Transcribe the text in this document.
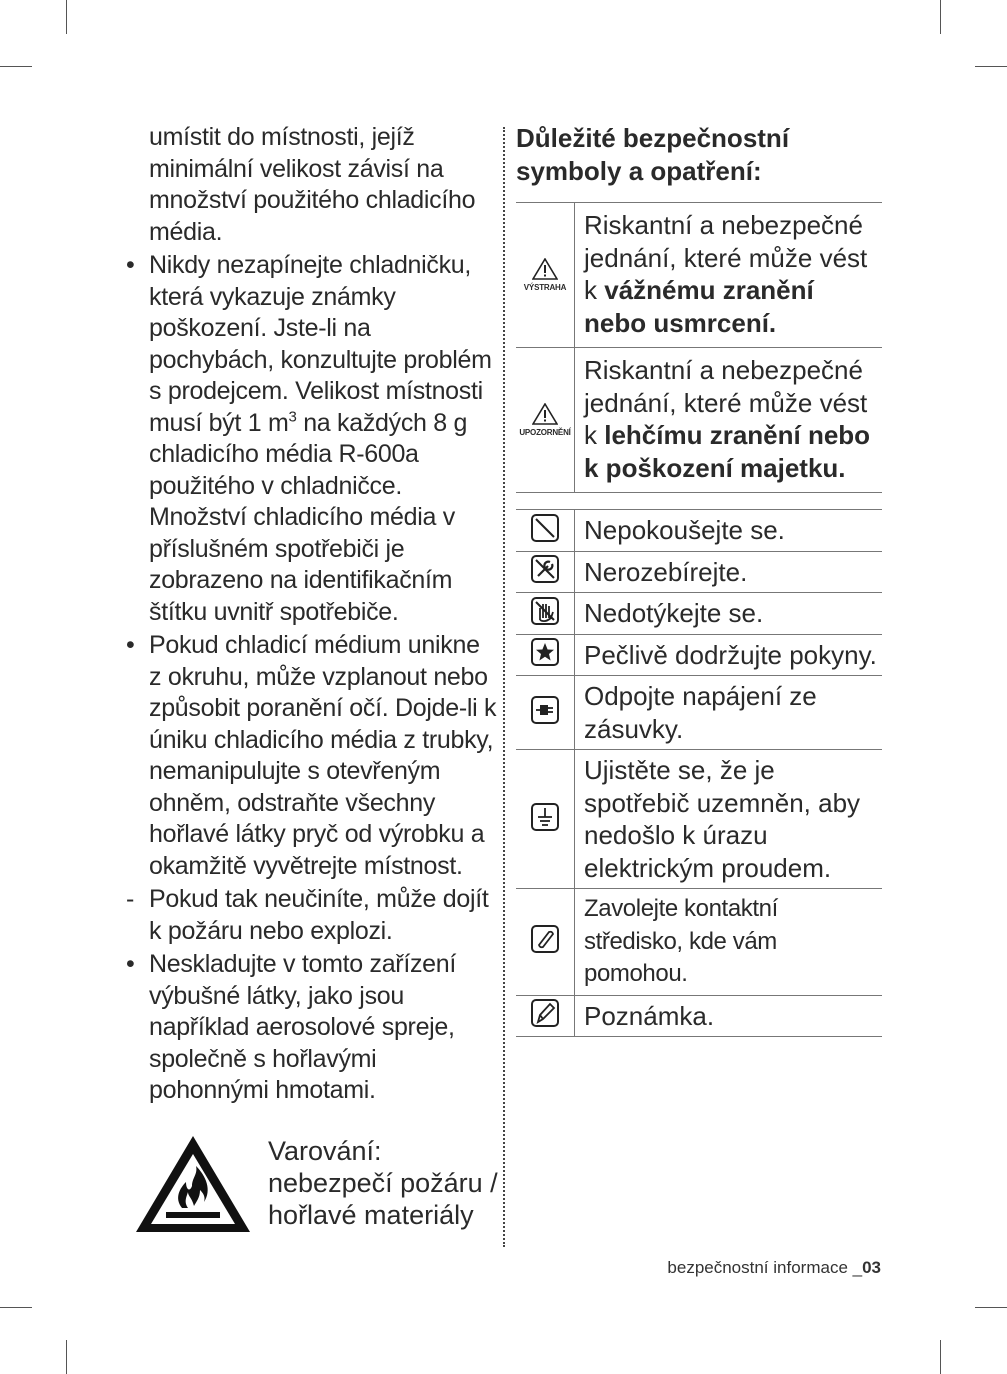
umístit do místnosti, jejíž minimální velikost závisí na množství použitého chladicího média.

• Nikdy nezapínejte chladničku, která vykazuje známky poškození. Jste-li na pochybách, konzultujte problém s prodejcem. Velikost místnosti musí být 1 $m^3$ na každých 8 g chladicího média R-600a použitého v chladničce. Množství chladicího média v příslušném spotřebiči je zobrazeno na identifikačním štítku uvnitř spotřebiče.

• Pokud chladicí médium unikne z okruhu, může vzplanout nebo způsobit poranění očí. Dojde-li k úniku chladicího média z trubky, nemanipulujte s otevřeným ohněm, odstraňte všechny hořlavé látky pryč od výrobku a okamžitě vyvětrejte místnost.

- Pokud tak neučiníte, může dojít k požáru nebo explozi.

• Neskladujte v tomto zařízení výbušné látky, jako jsou například aerosolové spreje, společně s hořlavými pohonnými hmotami.

Varování: nebezpečí požáru / hořlavé materiály
Důležité bezpečnostní symboly a opatření:
VÝSTRAHA	Riskantní a nebezpečné jednání, které může vést k vážnému zranění nebo usmrcení.

UPOZORNĚNÍ	Riskantní a nebezpečné jednání, které může vést k lehčímu zranění nebo k poškození majetku.
	Nepokoušejte se.
	Nerozebírejte.
	Nedotýkejte se.
	Pečlivě dodržujte pokyny.
	Odpojte napájení ze zásuvky.
	Ujistěte se, že je spotřebič uzemněn, aby nedošlo k úrazu elektrickým proudem.
	Zavolejte kontaktní středisko, kde vám pomohou.
	Poznámka.
bezpečnostní informace _03
